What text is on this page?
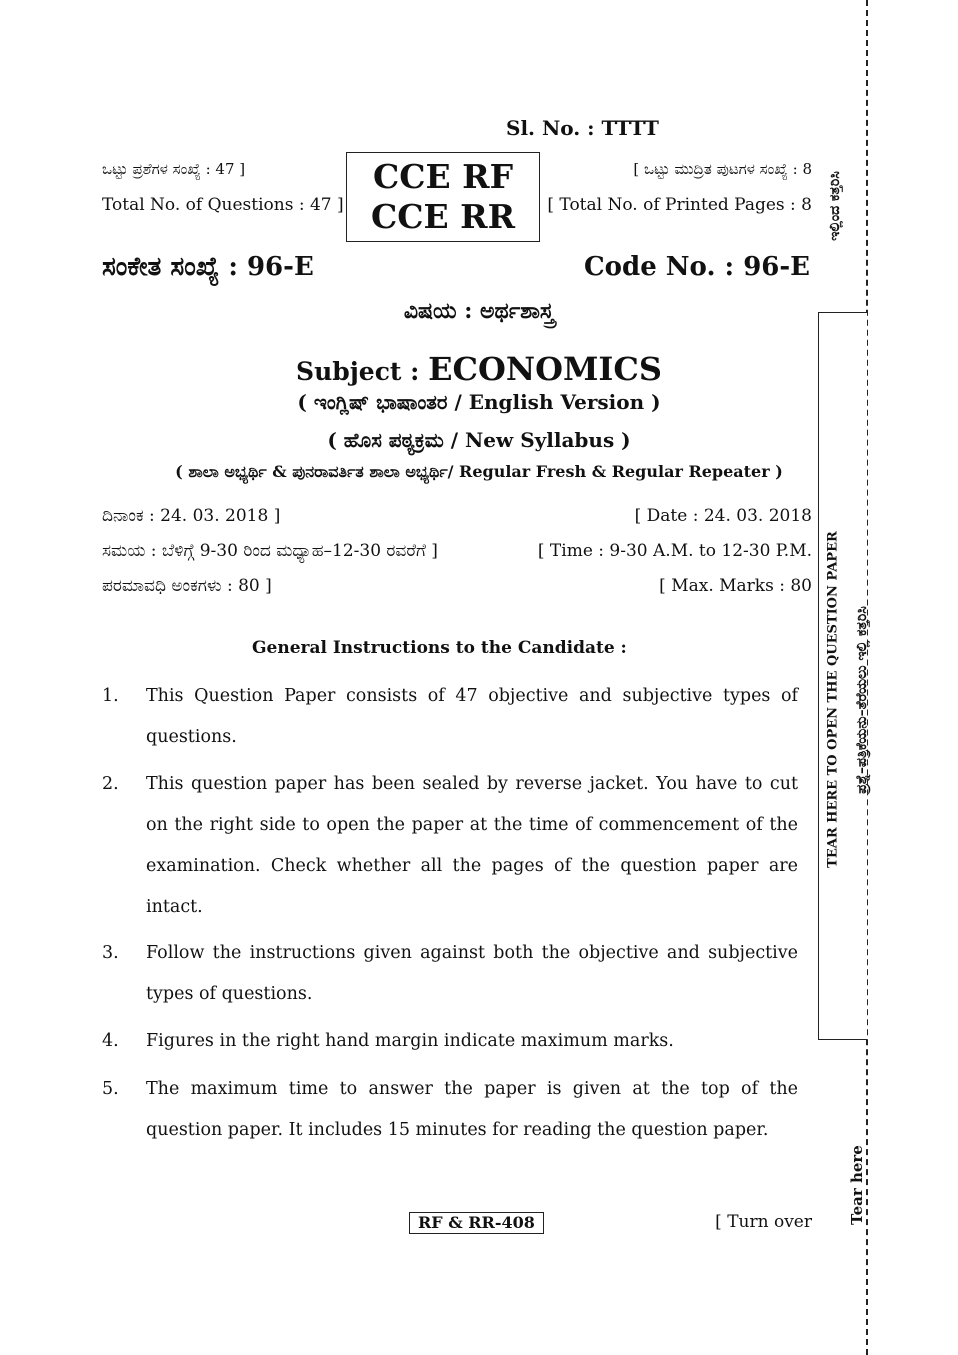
ಇಲ್ಲಿಂದ ಕತ್ತರಿಸಿ
TEAR HERE TO OPEN THE QUESTION PAPER ಪ್ರಶ್ನೆ–ಪತ್ರಿಕೆಯನು–ತೆರೆಯಲು ಇಲ್ಲಿ ಕತ್ತರಿಸಿ
Tear here
Sl. No. : TTTT
ಒಟ್ಟು ಪ್ರಶೆಗಳ ಸಂಖ್ಯೆ : 47 ]
Total No. of Questions : 47 ]
CCE RF
CCE RR
[ ಒಟ್ಟು ಮುದ್ರಿತ ಪುಟಗಳ ಸಂಖ್ಯೆ : 8
[ Total No. of Printed Pages : 8
ಸಂಕೇತ ಸಂಖ್ಯೆ : 96-E	Code No. : 96-E
ವಿಷಯ : ಅರ್ಥಶಾಸ್ತ್ರ
Subject : ECONOMICS
( ಇಂಗ್ಲಿಷ್ ಭಾಷಾಂತರ / English Version )
( ಹೊಸ ಪಠ್ಯಕ್ರಮ / New Syllabus )
( ಶಾಲಾ ಅಭ್ಯರ್ಥಿ & ಪುನರಾವರ್ತಿತ ಶಾಲಾ ಅಭ್ಯರ್ಥಿ/ Regular Fresh & Regular Repeater )
ದಿನಾಂಕ : 24. 03. 2018 ]	[ Date : 24. 03. 2018
ಸಮಯ : ಬೆಳಿಗ್ಗೆ 9-30 ರಿಂದ ಮಧ್ಯಾಹ–12-30 ರವರೆಗೆ ]	[ Time : 9-30 A.M. to 12-30 P.M.
ಪರಮಾವಧಿ ಅಂಕಗಳು : 80 ]	[ Max. Marks : 80
General Instructions to the Candidate :
1. This Question Paper consists of 47 objective and subjective types of questions.
2. This question paper has been sealed by reverse jacket. You have to cut on the right side to open the paper at the time of commencement of the examination. Check whether all the pages of the question paper are intact.
3. Follow the instructions given against both the objective and subjective types of questions.
4. Figures in the right hand margin indicate maximum marks.
5. The maximum time to answer the paper is given at the top of the question paper. It includes 15 minutes for reading the question paper.
RF & RR-408	[ Turn over
